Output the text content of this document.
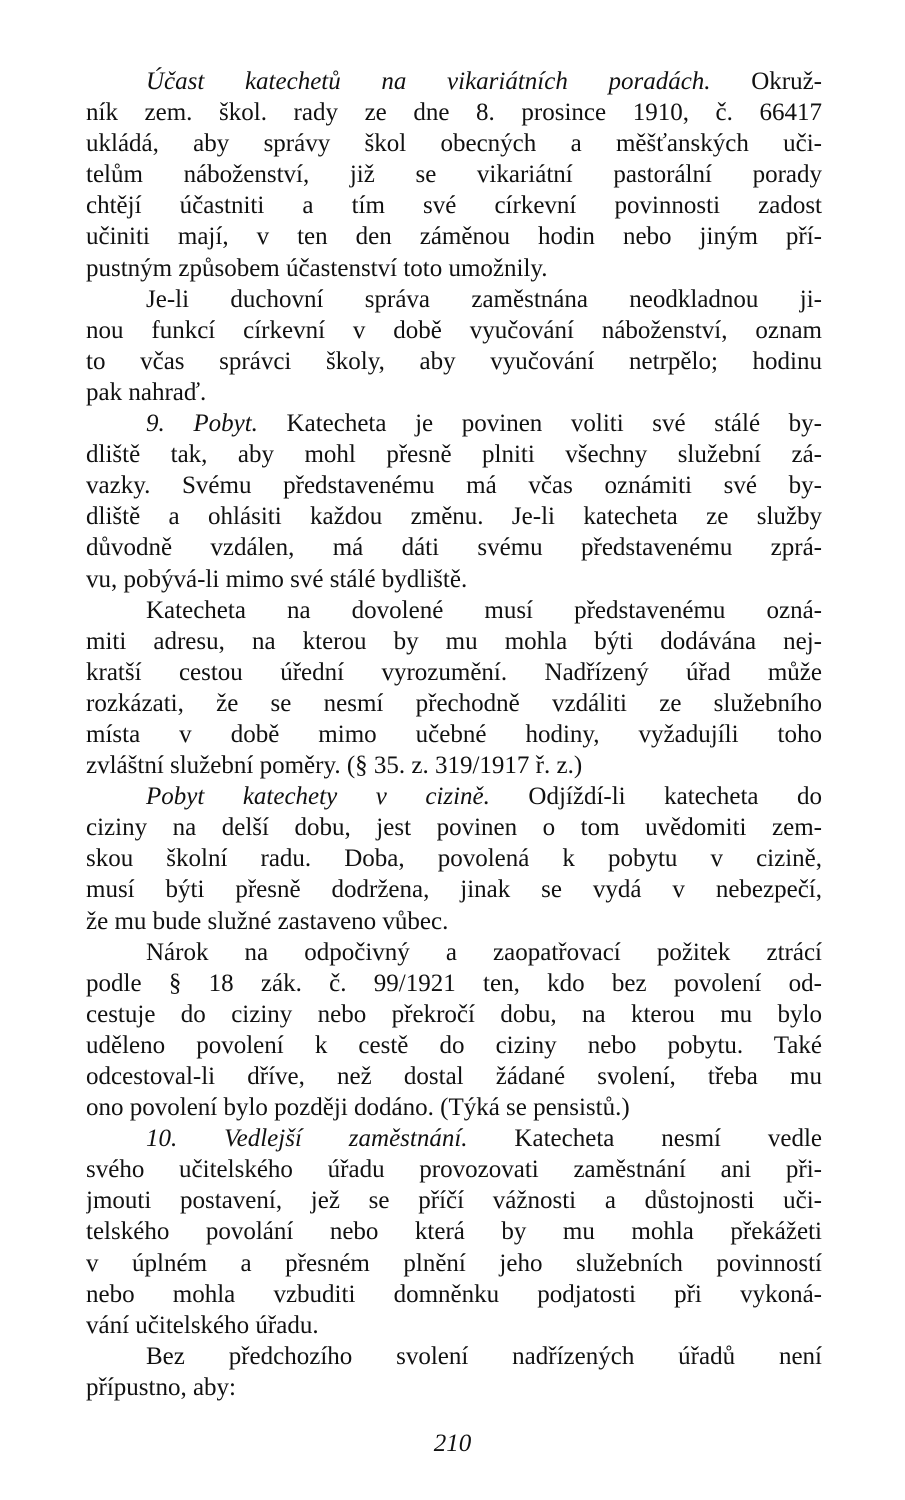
Účast katechetů na vikariátních poradách. Okruž-
ník zem. škol. rady ze dne 8. prosince 1910, č. 66417
ukládá, aby správy škol obecných a měšťanských uči-
telům náboženství, již se vikariátní pastorální porady
chtějí účastniti a tím své církevní povinnosti zadost
učiniti mají, v ten den záměnou hodin nebo jiným pří-
pustným způsobem účastenství toto umožnily.
Je-li duchovní správa zaměstnána neodkladnou ji-
nou funkcí církevní v době vyučování náboženství, oznam
to včas správci školy, aby vyučování netrpělo; hodinu
pak nahraď.
9. Pobyt. Katecheta je povinen voliti své stálé by-
dliště tak, aby mohl přesně plniti všechny služební zá-
vazky. Svému představenému má včas oznámiti své by-
dliště a ohlásiti každou změnu. Je-li katecheta ze služby
důvodně vzdálen, má dáti svému představenému zprá-
vu, pobývá-li mimo své stálé bydliště.
Katecheta na dovolené musí představenému ozná-
miti adresu, na kterou by mu mohla býti dodávána nej-
kratší cestou úřední vyrozumění. Nadřízený úřad může
rozkázati, že se nesmí přechodně vzdáliti ze služebního
místa v době mimo učebné hodiny, vyžadujíli toho
zvláštní služební poměry. (§ 35. z. 319/1917 ř. z.)
Pobyt katechety v cizině. Odjíždí-li katecheta do
ciziny na delší dobu, jest povinen o tom uvědomiti zem-
skou školní radu. Doba, povolená k pobytu v cizině,
musí býti přesně dodržena, jinak se vydá v nebezpečí,
že mu bude služné zastaveno vůbec.
Nárok na odpočivný a zaopatřovací požitek ztrácí
podle § 18 zák. č. 99/1921 ten, kdo bez povolení od-
cestuje do ciziny nebo překročí dobu, na kterou mu bylo
uděleno povolení k cestě do ciziny nebo pobytu. Také
odcestoval-li dříve, než dostal žádané svolení, třeba mu
ono povolení bylo později dodáno. (Týká se pensistů.)
10. Vedlejší zaměstnání. Katecheta nesmí vedle
svého učitelského úřadu provozovati zaměstnání ani při-
jmouti postavení, jež se příčí vážnosti a důstojnosti uči-
telského povolání nebo která by mu mohla překážeti
v úplném a přesném plnění jeho služebních povinností
nebo mohla vzbuditi domněnku podjatosti při vykoná-
vání učitelského úřadu.
Bez předchozího svolení nadřízených úřadů není
přípustno, aby:
210
